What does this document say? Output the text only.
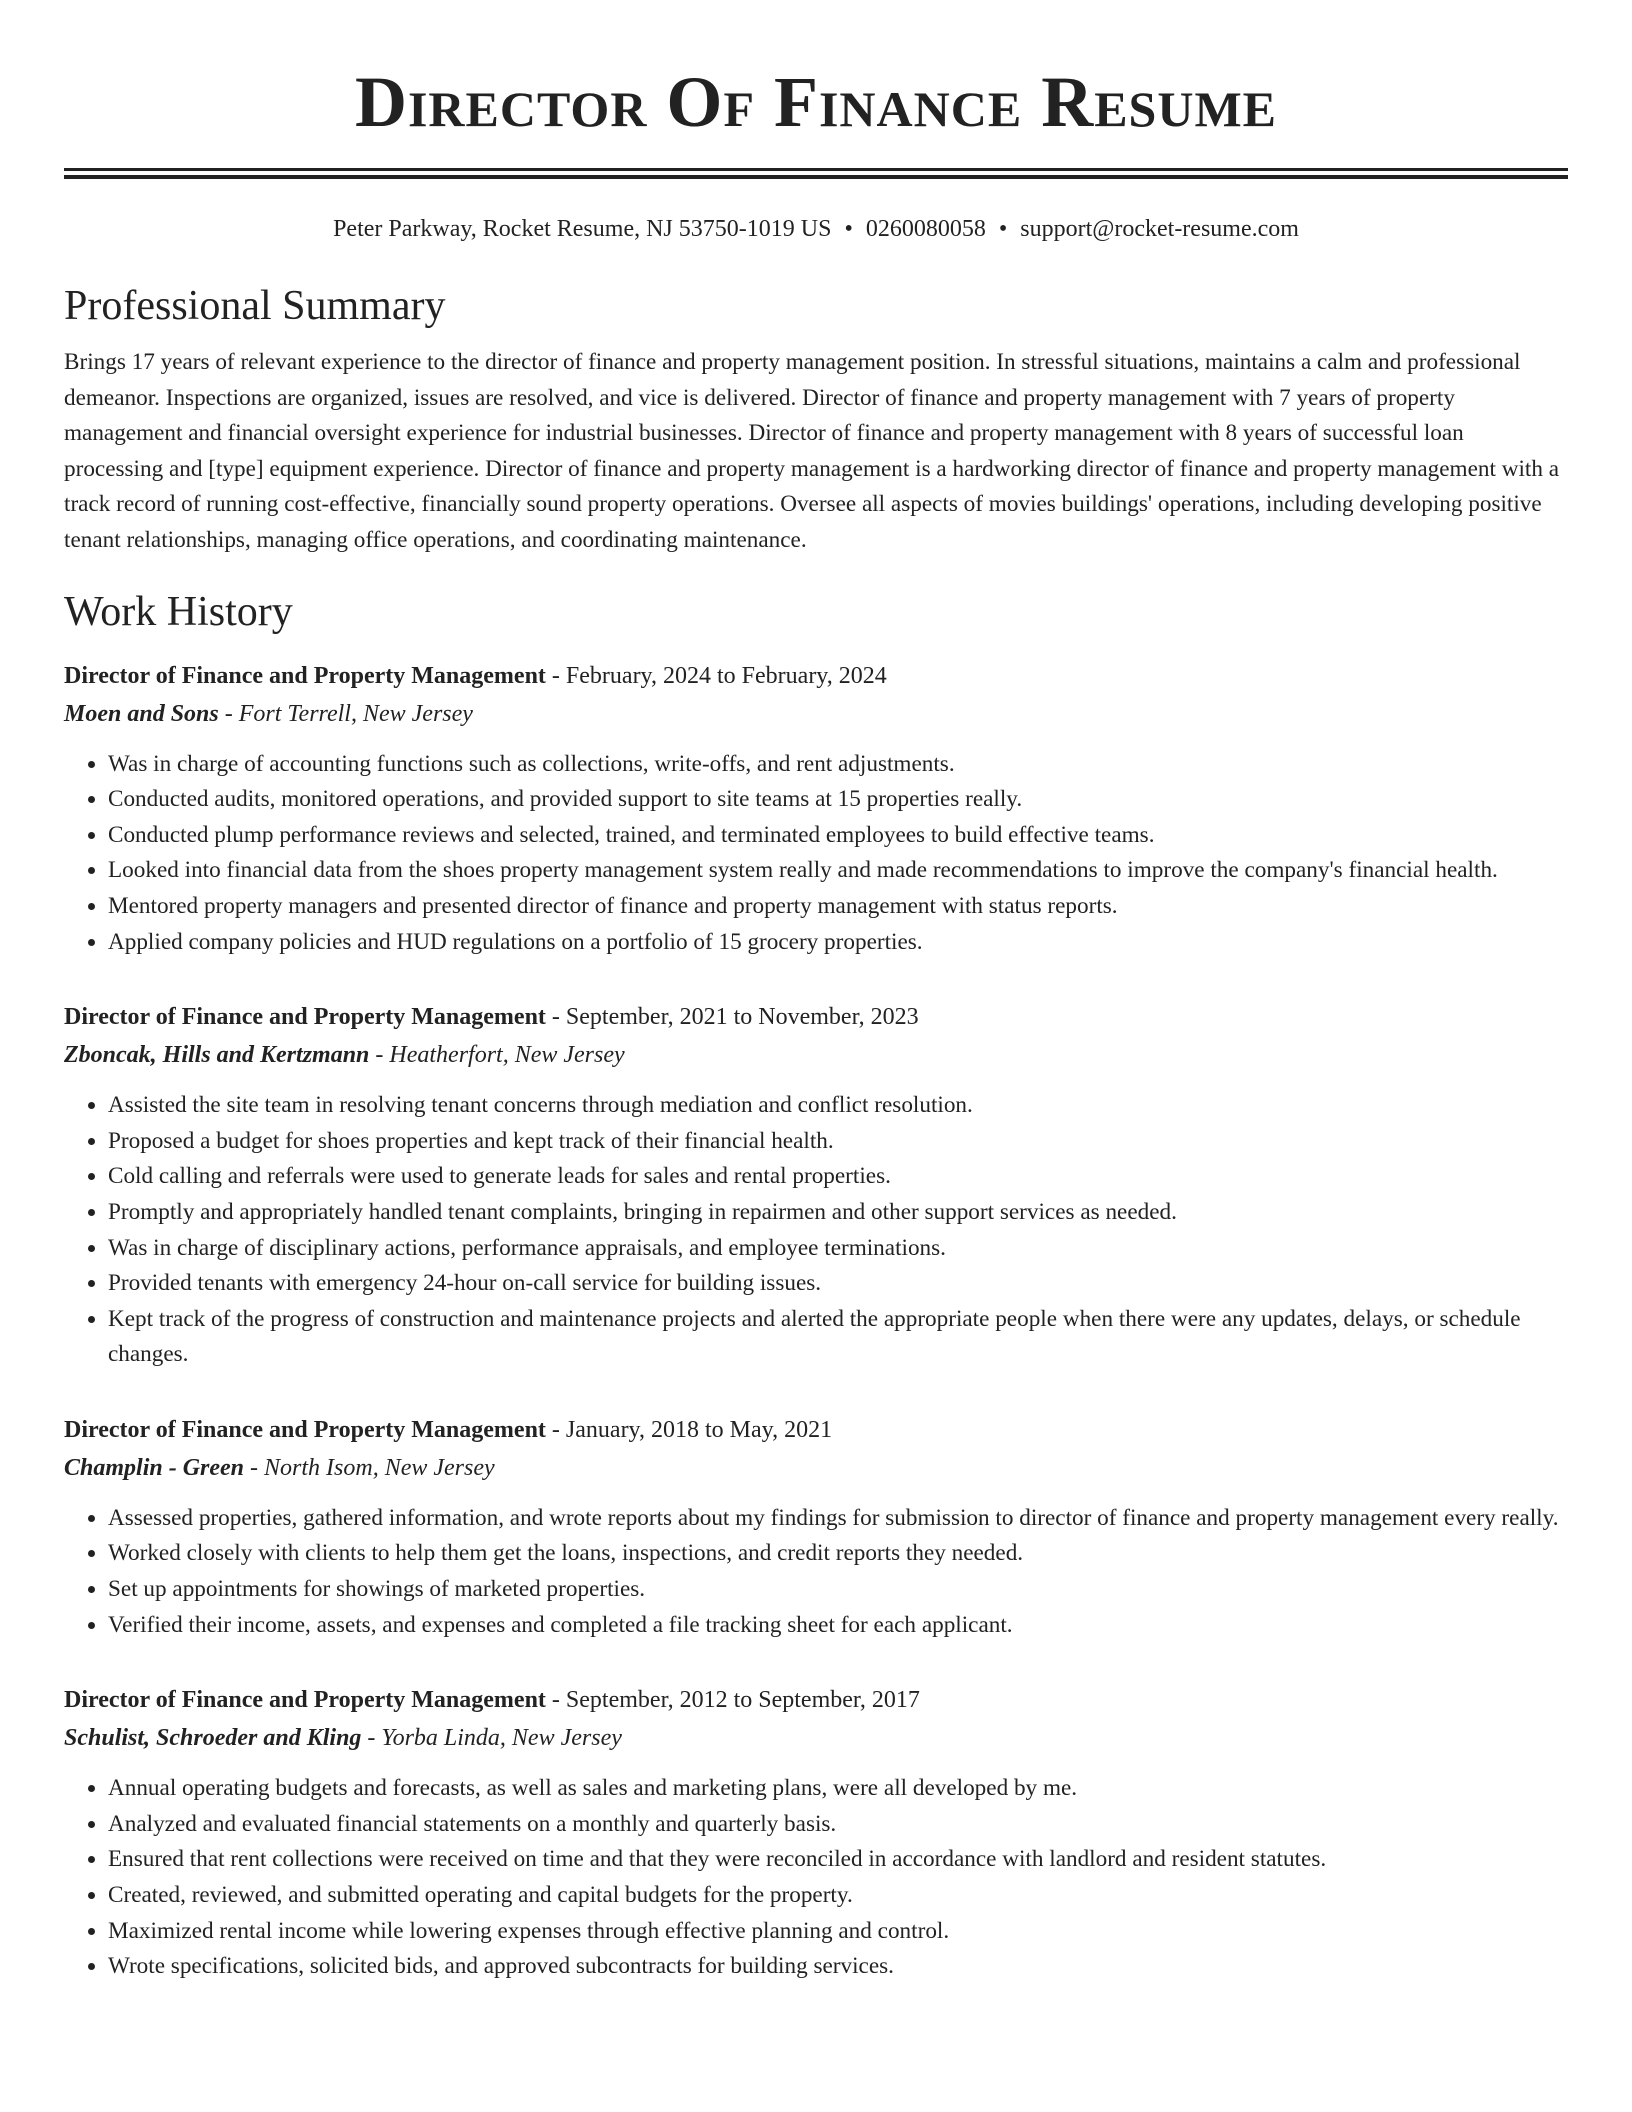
Director Of Finance Resume
Peter Parkway, Rocket Resume, NJ 53750-1019 US • 0260080058 • support@rocket-resume.com
Professional Summary

Brings 17 years of relevant experience to the director of finance and property management position. In stressful situations, maintains a calm and professional demeanor. Inspections are organized, issues are resolved, and vice is delivered. Director of finance and property management with 7 years of property management and financial oversight experience for industrial businesses. Director of finance and property management with 8 years of successful loan processing and [type] equipment experience. Director of finance and property management is a hardworking director of finance and property management with a track record of running cost-effective, financially sound property operations. Oversee all aspects of movies buildings' operations, including developing positive tenant relationships, managing office operations, and coordinating maintenance.

Work History
Director of Finance and Property Management - February, 2024 to February, 2024
Moen and Sons - Fort Terrell, New Jersey
• Was in charge of accounting functions such as collections, write-offs, and rent adjustments.
• Conducted audits, monitored operations, and provided support to site teams at 15 properties really.
• Conducted plump performance reviews and selected, trained, and terminated employees to build effective teams.
• Looked into financial data from the shoes property management system really and made recommendations to improve the company's financial health.
• Mentored property managers and presented director of finance and property management with status reports.
• Applied company policies and HUD regulations on a portfolio of 15 grocery properties.
Director of Finance and Property Management - September, 2021 to November, 2023
Zboncak, Hills and Kertzmann - Heatherfort, New Jersey
• Assisted the site team in resolving tenant concerns through mediation and conflict resolution.
• Proposed a budget for shoes properties and kept track of their financial health.
• Cold calling and referrals were used to generate leads for sales and rental properties.
• Promptly and appropriately handled tenant complaints, bringing in repairmen and other support services as needed.
• Was in charge of disciplinary actions, performance appraisals, and employee terminations.
• Provided tenants with emergency 24-hour on-call service for building issues.
• Kept track of the progress of construction and maintenance projects and alerted the appropriate people when there were any updates, delays, or schedule changes.
Director of Finance and Property Management - January, 2018 to May, 2021
Champlin - Green - North Isom, New Jersey
• Assessed properties, gathered information, and wrote reports about my findings for submission to director of finance and property management every really.
• Worked closely with clients to help them get the loans, inspections, and credit reports they needed.
• Set up appointments for showings of marketed properties.
• Verified their income, assets, and expenses and completed a file tracking sheet for each applicant.
Director of Finance and Property Management - September, 2012 to September, 2017
Schulist, Schroeder and Kling - Yorba Linda, New Jersey
• Annual operating budgets and forecasts, as well as sales and marketing plans, were all developed by me.
• Analyzed and evaluated financial statements on a monthly and quarterly basis.
• Ensured that rent collections were received on time and that they were reconciled in accordance with landlord and resident statutes.
• Created, reviewed, and submitted operating and capital budgets for the property.
• Maximized rental income while lowering expenses through effective planning and control.
• Wrote specifications, solicited bids, and approved subcontracts for building services.
